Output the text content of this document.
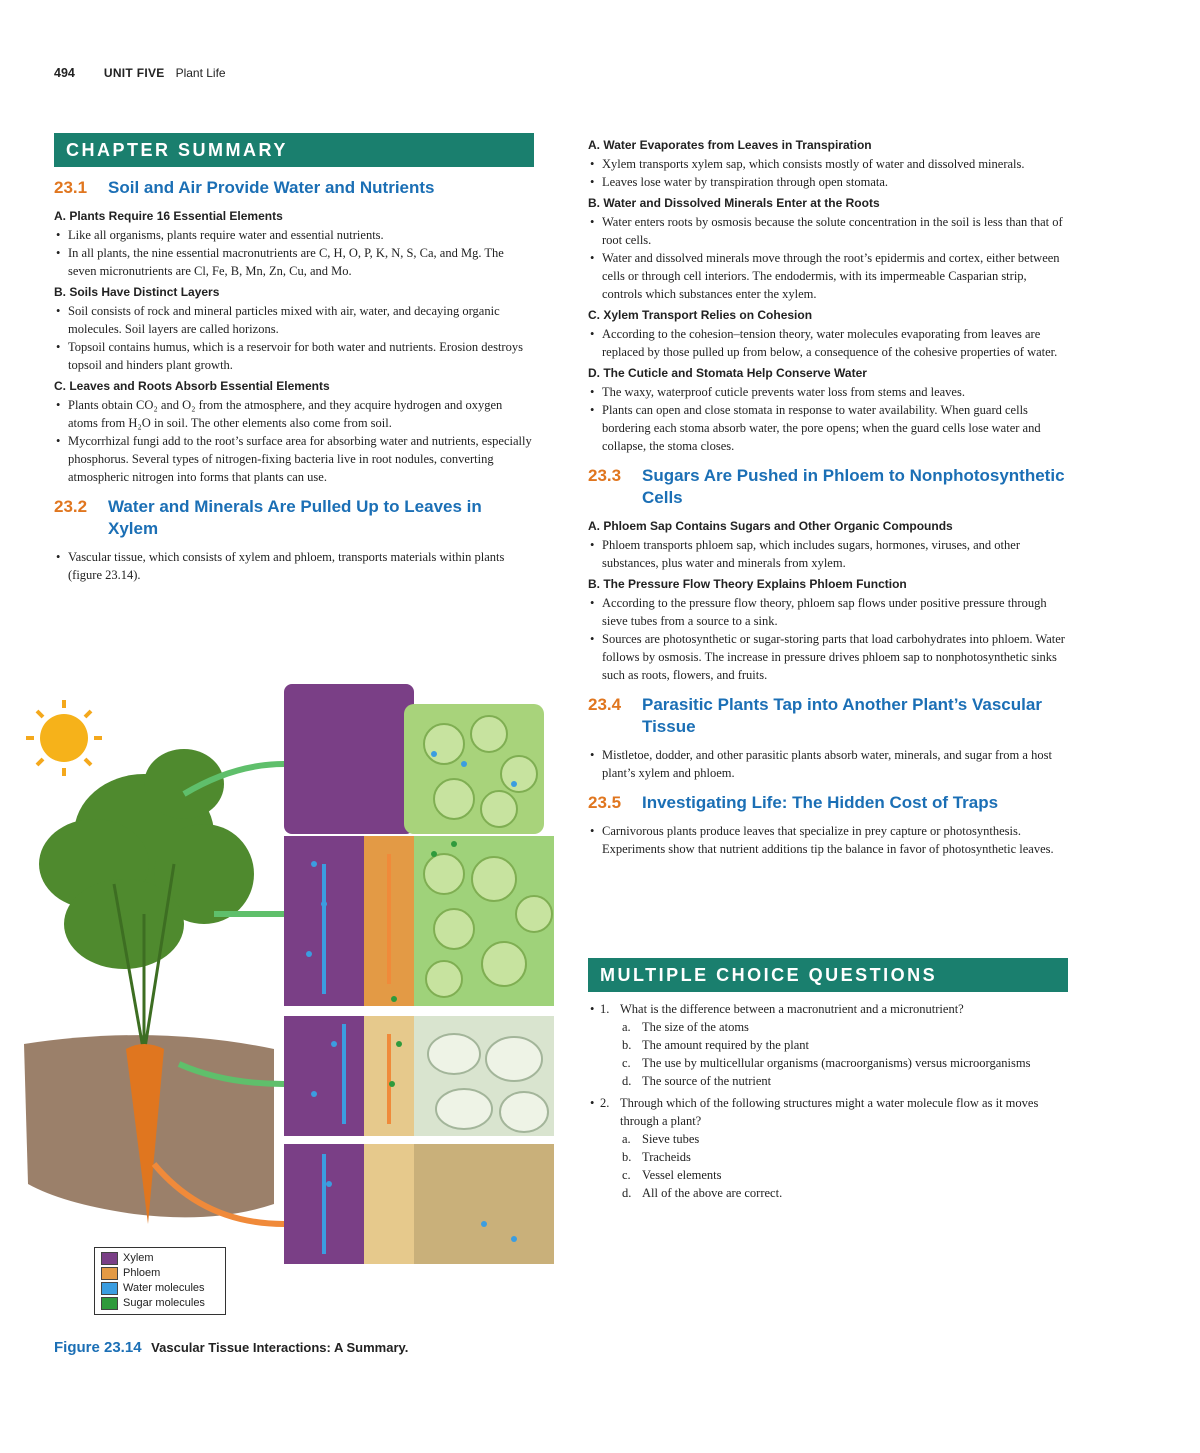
494 UNIT FIVE Plant Life
CHAPTER SUMMARY
23.1 Soil and Air Provide Water and Nutrients
A. Plants Require 16 Essential Elements
• Like all organisms, plants require water and essential nutrients.
• In all plants, the nine essential macronutrients are C, H, O, P, K, N, S, Ca, and Mg. The seven micronutrients are Cl, Fe, B, Mn, Zn, Cu, and Mo.
B. Soils Have Distinct Layers
• Soil consists of rock and mineral particles mixed with air, water, and decaying organic molecules. Soil layers are called horizons.
• Topsoil contains humus, which is a reservoir for both water and nutrients. Erosion destroys topsoil and hinders plant growth.
C. Leaves and Roots Absorb Essential Elements
• Plants obtain CO₂ and O₂ from the atmosphere, and they acquire hydrogen and oxygen atoms from H₂O in soil. The other elements also come from soil.
• Mycorrhizal fungi add to the root’s surface area for absorbing water and nutrients, especially phosphorus. Several types of nitrogen-fixing bacteria live in root nodules, converting atmospheric nitrogen into forms that plants can use.
23.2 Water and Minerals Are Pulled Up to Leaves in Xylem
• Vascular tissue, which consists of xylem and phloem, transports materials within plants (figure 23.14).
Xylem
Phloem
Water molecules
Sugar molecules
Figure 23.14 Vascular Tissue Interactions: A Summary.
A. Water Evaporates from Leaves in Transpiration
• Xylem transports xylem sap, which consists mostly of water and dissolved minerals.
• Leaves lose water by transpiration through open stomata.
B. Water and Dissolved Minerals Enter at the Roots
• Water enters roots by osmosis because the solute concentration in the soil is less than that of root cells.
• Water and dissolved minerals move through the root’s epidermis and cortex, either between cells or through cell interiors. The endodermis, with its impermeable Casparian strip, controls which substances enter the xylem.
C. Xylem Transport Relies on Cohesion
• According to the cohesion–tension theory, water molecules evaporating from leaves are replaced by those pulled up from below, a consequence of the cohesive properties of water.
D. The Cuticle and Stomata Help Conserve Water
• The waxy, waterproof cuticle prevents water loss from stems and leaves.
• Plants can open and close stomata in response to water availability. When guard cells bordering each stoma absorb water, the pore opens; when the guard cells lose water and collapse, the stoma closes.
23.3 Sugars Are Pushed in Phloem to Nonphotosynthetic Cells
A. Phloem Sap Contains Sugars and Other Organic Compounds
• Phloem transports phloem sap, which includes sugars, hormones, viruses, and other substances, plus water and minerals from xylem.
B. The Pressure Flow Theory Explains Phloem Function
• According to the pressure flow theory, phloem sap flows under positive pressure through sieve tubes from a source to a sink.
• Sources are photosynthetic or sugar-storing parts that load carbohydrates into phloem. Water follows by osmosis. The increase in pressure drives phloem sap to nonphotosynthetic sinks such as roots, flowers, and fruits.
23.4 Parasitic Plants Tap into Another Plant’s Vascular Tissue
• Mistletoe, dodder, and other parasitic plants absorb water, minerals, and sugar from a host plant’s xylem and phloem.
23.5 Investigating Life: The Hidden Cost of Traps
• Carnivorous plants produce leaves that specialize in prey capture or photosynthesis. Experiments show that nutrient additions tip the balance in favor of photosynthetic leaves.
MULTIPLE CHOICE QUESTIONS
• 1. What is the difference between a macronutrient and a micronutrient?
a. The size of the atoms
b. The amount required by the plant
c. The use by multicellular organisms (macroorganisms) versus microorganisms
d. The source of the nutrient
• 2. Through which of the following structures might a water molecule flow as it moves through a plant?
a. Sieve tubes
b. Tracheids
c. Vessel elements
d. All of the above are correct.
